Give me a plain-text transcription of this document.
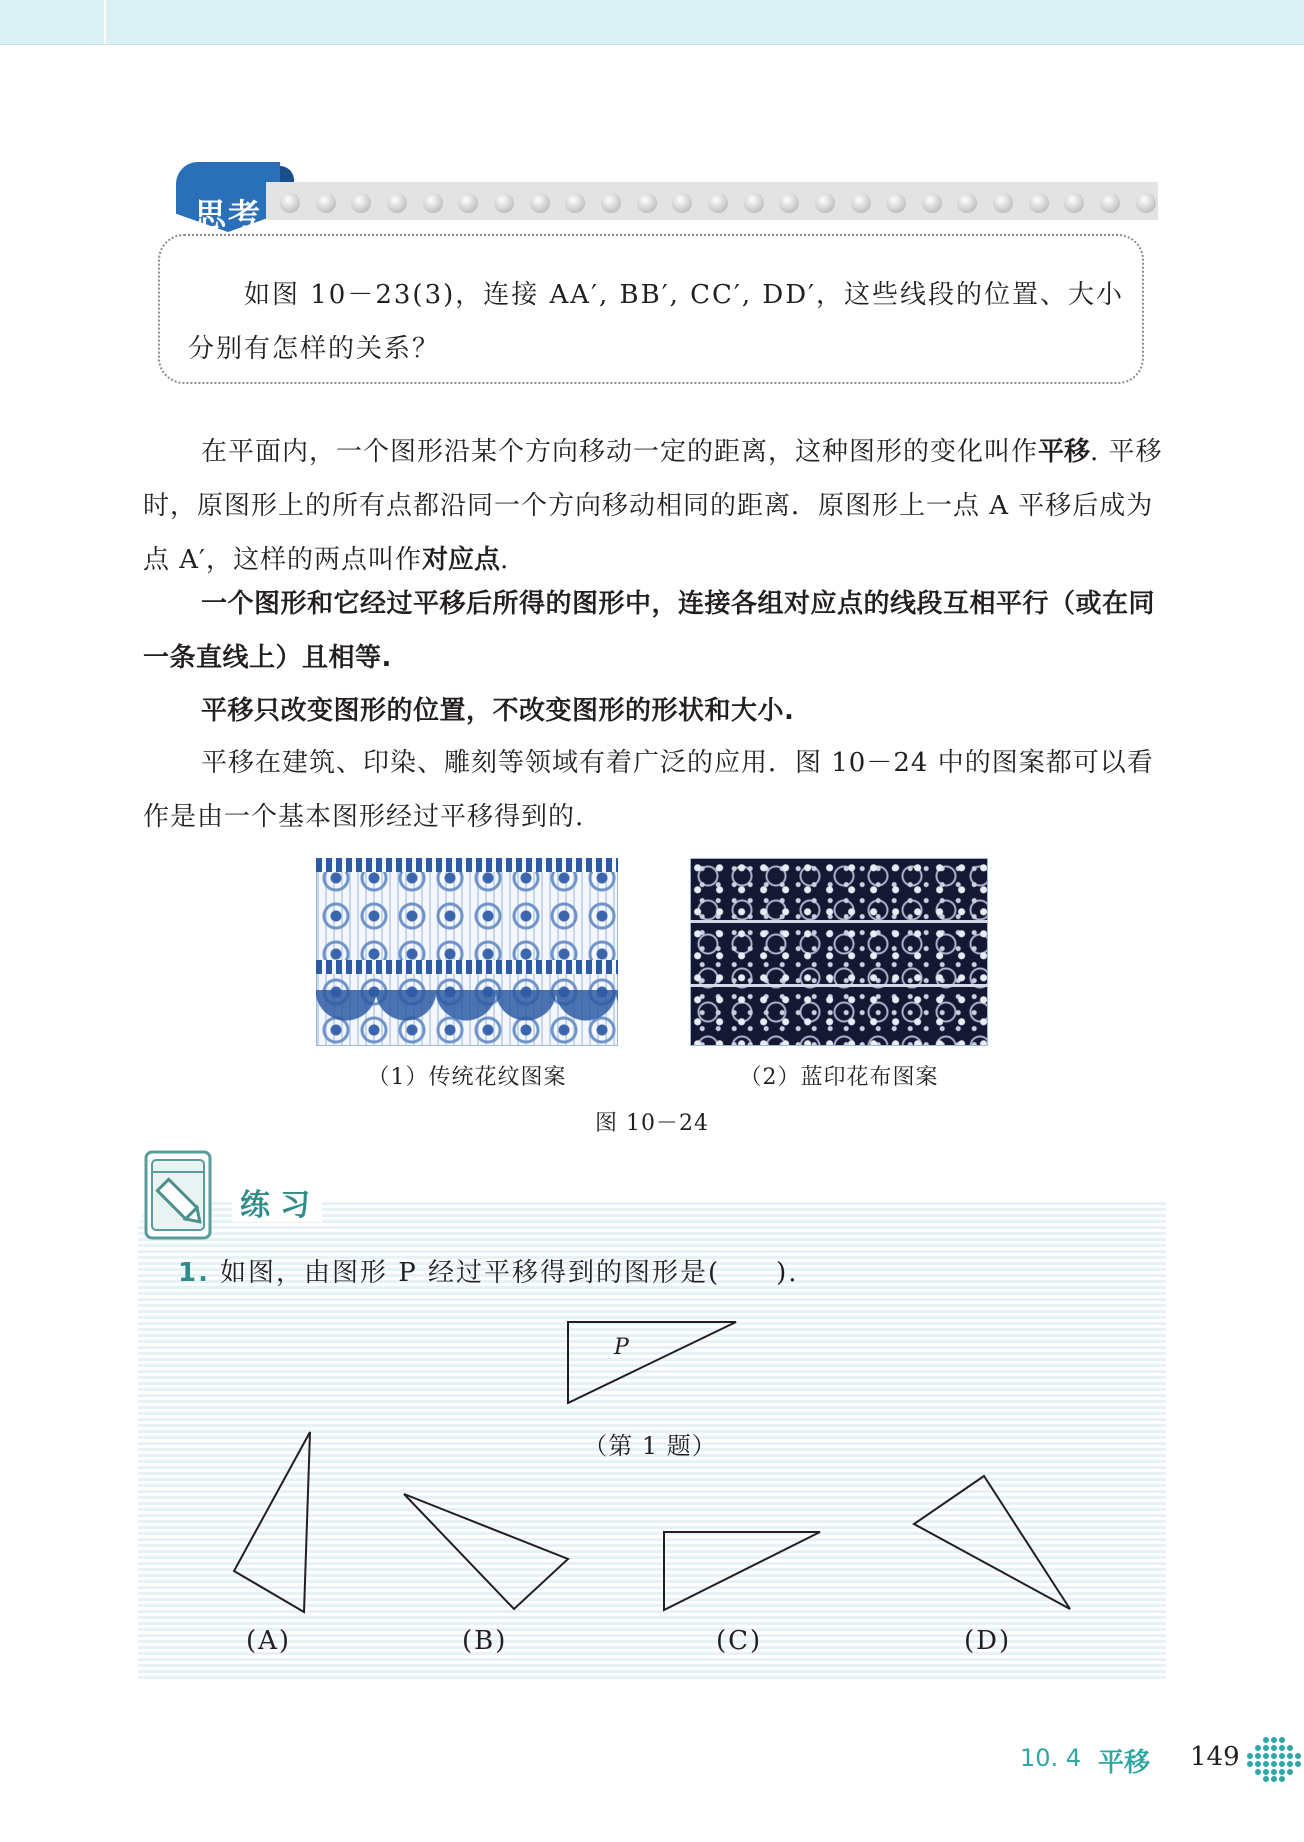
思考
如图 10－23(3)，连接 AA′, BB′, CC′, DD′，这些线段的位置、大小分别有怎样的关系？
在平面内，一个图形沿某个方向移动一定的距离，这种图形的变化叫作平移. 平移时，原图形上的所有点都沿同一个方向移动相同的距离．原图形上一点 A 平移后成为点 A′，这样的两点叫作对应点.
一个图形和它经过平移后所得的图形中，连接各组对应点的线段互相平行（或在同一条直线上）且相等.
平移只改变图形的位置，不改变图形的形状和大小.
平移在建筑、印染、雕刻等领域有着广泛的应用．图 10－24 中的图案都可以看作是由一个基本图形经过平移得到的.
（1）传统花纹图案	（2）蓝印花布图案
图 10－24
练习
1. 如图，由图形 P 经过平移得到的图形是(　　).
P
（第 1 题）
(A)	(B)	(C)	(D)
10. 4 平移 149
